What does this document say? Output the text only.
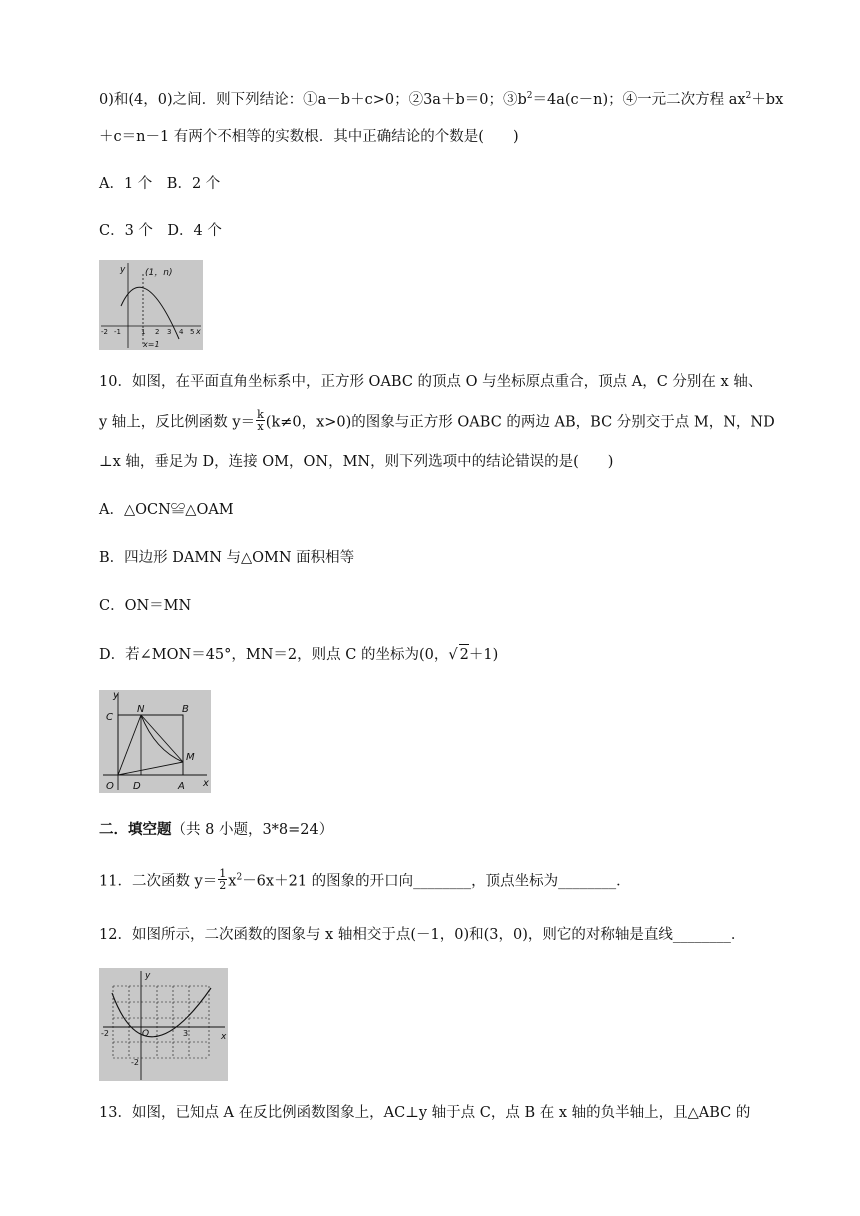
0)和(4，0)之间．则下列结论：①a－b＋c>0；②3a＋b＝0；$③b^2=4a(c-n)$；④一元二次方程 $ax^2+bx$
＋c＝n－1 有两个不相等的实数根．其中正确结论的个数是(　　)
A．1 个　B．2 个
C．3 个　D．4 个
y (1，n)
x
-2 -1	1 2 3 4 5
x=1
10．如图，在平面直角坐标系中，正方形 OABC 的顶点 O 与坐标原点重合，顶点 A，C 分别在 x 轴、
y 轴上，反比例函数 $y= \frac{k}{x} (k\ne 0$，x>0)的图象与正方形 OABC 的两边 AB，BC 分别交于点 M，N，ND
⊥x 轴，垂足为 D，连接 OM，ON，MN，则下列选项中的结论错误的是(　　)
A．△OCN≌△OAM
B．四边形 DAMN 与△OMN 面积相等
C．ON＝MN
D．若∠MON＝45°，MN＝2，则点 C 的坐标为(0，√ 2＋1)
y
C
N	B
M
O D	A x
二．填空题（共 8 小题，3*8=24）
11．二次函数 $y= \frac{1}{2} x^2-6x+21$ 的图象的开口向________，顶点坐标为________．
12．如图所示，二次函数的图象与 x 轴相交于点(－1，0)和(3，0)，则它的对称轴是直线________．
y
O	x
-2	3
-2
13．如图，已知点 A 在反比例函数图象上，AC⊥y 轴于点 C，点 B 在 x 轴的负半轴上，且△ABC 的
